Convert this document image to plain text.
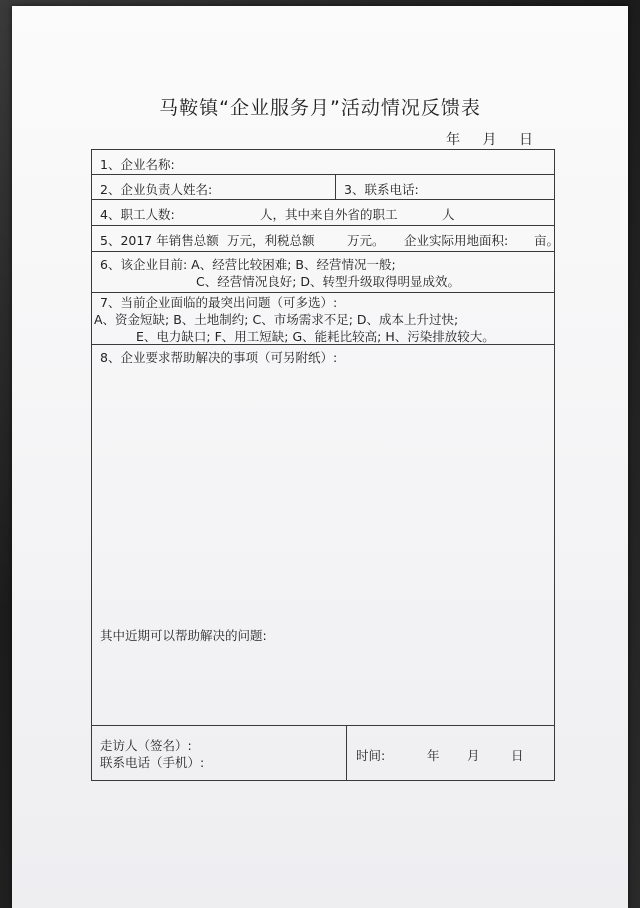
马鞍镇“企业服务月”活动情况反馈表
年 月 日
1、企业名称:
2、企业负责人姓名:	3、联系电话:
4、职工人数:	人，其中来自外省的职工	人
5、2017 年销售总额 万元，利税总额	万元。 企业实际用地面积: 亩。
6、该企业目前: A、经营比较困难; B、经营情况一般;
C、经营情况良好; D、转型升级取得明显成效。
7、当前企业面临的最突出问题（可多选）:
A、资金短缺; B、土地制约; C、市场需求不足; D、成本上升过快;
E、电力缺口; F、用工短缺; G、能耗比较高; H、污染排放较大。
8、企业要求帮助解决的事项（可另附纸）:
其中近期可以帮助解决的问题:
走访人（签名）:
联系电话（手机）:	时间:	年 月	日
